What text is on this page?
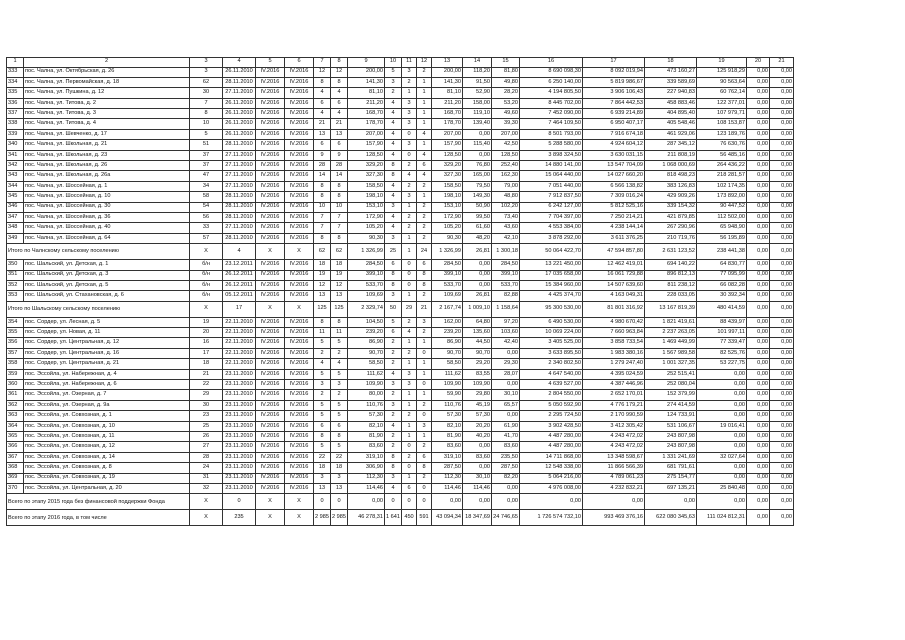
1	2	3	4	5	6	7	8	9	10	11	12	13	14	15	16	17	18	19	20	21
333	пос. Чална, ул. Октябрьская, д. 26	3	26.11.2010	IV.2016	IV.2016	12	12	200,00	5	3	2	200,00	118,20	81,80	8 690 098,30	8 092 019,94	473 160,27	125 918,29	0,00	0,00
334	пос. Чална, ул. Первомайская, д. 18	62	28.11.2010	IV.2016	IV.2016	8	8	141,30	3	2	1	141,30	91,50	49,80	6 250 140,00	5 819 986,67	339 589,69	90 563,64	0,00	0,00
335	пос. Чална, ул. Пушкина, д. 12	30	27.11.2010	IV.2016	IV.2016	4	4	81,10	2	1	1	81,10	52,90	28,20	4 194 805,50	3 906 106,43	227 940,83	60 762,14	0,00	0,00
336	пос. Чална, ул. Титова, д. 2	7	26.11.2010	IV.2016	IV.2016	6	6	211,20	4	3	1	211,20	158,00	53,20	8 445 702,00	7 864 442,53	458 883,46	122 377,01	0,00	0,00
337	пос. Чална, ул. Титова, д. 3	8	26.11.2010	IV.2016	IV.2016	4	4	168,70	4	3	1	168,70	119,10	49,60	7 452 090,00	6 939 214,89	404 895,40	107 979,71	0,00	0,00
338	пос. Чална, ул. Титова, д. 4	10	26.11.2010	IV.2016	IV.2016	21	21	178,70	4	3	1	178,70	139,40	39,30	7 464 109,50	6 950 407,17	405 548,46	108 153,87	0,00	0,00
339	пос. Чална, ул. Шевченко, д. 17	5	26.11.2010	IV.2016	IV.2016	13	13	207,00	4	0	4	207,00	0,00	207,00	8 501 793,00	7 916 674,18	461 929,06	123 189,76	0,00	0,00
340	пос. Чална, ул. Школьная, д. 21	51	28.11.2010	IV.2016	IV.2016	6	6	157,90	4	3	1	157,90	115,40	42,50	5 288 580,00	4 924 604,12	287 345,12	76 630,76	0,00	0,00
341	пос. Чална, ул. Школьная, д. 23	37	27.11.2010	IV.2016	IV.2016	9	9	128,50	4	0	4	128,50	0,00	128,50	3 898 324,50	3 630 031,15	211 808,19	56 485,16	0,00	0,00
342	пос. Чална, ул. Школьная, д. 26	37	27.11.2010	IV.2016	IV.2016	28	28	329,20	8	2	6	329,20	76,80	252,40	14 880 141,00	13 547 704,09	1 068 000,69	264 436,22	0,00	0,00
343	пос. Чална, ул. Школьная, д. 26а	47	27.11.2010	IV.2016	IV.2016	14	14	327,30	8	4	4	327,30	165,00	162,30	15 064 440,00	14 027 660,20	818 498,23	218 281,57	0,00	0,00
344	пос. Чална, ул. Шоссейная, д. 1	34	27.11.2010	IV.2016	IV.2016	8	8	158,50	4	2	2	158,50	79,50	79,00	7 051 440,00	6 566 138,82	383 126,83	102 174,35	0,00	0,00
345	пос. Чална, ул. Шоссейная, д. 10	58	28.11.2010	IV.2016	IV.2016	8	8	198,10	4	3	1	198,10	149,30	48,80	7 912 837,50	7 309 016,24	429 909,26	173 892,00	0,00	0,00
346	пос. Чална, ул. Шоссейная, д. 30	54	28.11.2010	IV.2016	IV.2016	10	10	153,10	3	1	2	153,10	50,90	102,20	6 242 127,00	5 812 525,16	339 154,32	90 447,52	0,00	0,00
347	пос. Чална, ул. Шоссейная, д. 36	56	28.11.2010	IV.2016	IV.2016	7	7	172,90	4	2	2	172,90	99,50	73,40	7 704 397,00	7 250 214,21	421 879,85	112 502,00	0,00	0,00
348	пос. Чална, ул. Шоссейная, д. 40	33	27.11.2010	IV.2016	IV.2016	7	7	105,20	4	2	2	105,20	61,60	43,60	4 553 384,00	4 238 144,14	267 290,96	65 948,90	0,00	0,00
349	пос. Чална, ул. Шоссейная, д. 64	57	28.11.2010	IV.2016	IV.2016	8	8	90,30	3	1	2	90,30	48,20	42,10	3 878 292,00	3 611 376,25	210 719,76	56 195,89	0,00	0,00
Итого по Чалнскому сельскому поселению		X	4	X	X	62	62	1 326,99	25	1	24	1 326,99	26,81	1 300,18	50 064 422,70	47 594 857,80	2 631 123,52	238 441,38	0,00	0,00
350	пос. Шальский, ул. Детская, д. 1	б/н	23.12.2011	IV.2016	IV.2016	18	18	284,50	6	0	6	284,50	0,00	284,50	13 221 450,00	12 462 419,01	694 140,22	64 830,77	0,00	0,00
351	пос. Шальский, ул. Детская, д. 3	б/н	26.12.2011	IV.2016	IV.2016	19	19	399,10	8	0	8	399,10	0,00	399,10	17 035 658,00	16 061 729,88	896 812,13	77 095,99	0,00	0,00
352	пос. Шальский, ул. Детская, д. 5	б/н	26.12.2011	IV.2016	IV.2016	12	12	533,70	8	0	8	533,70	0,00	533,70	15 384 960,00	14 507 639,60	811 238,12	66 082,28	0,00	0,00
353	пос. Шальский, ул. Стахановская, д. 6	б/н	05.12.2011	IV.2016	IV.2016	13	13	109,69	3	1	2	109,69	26,81	82,88	4 425 374,70	4 163 049,31	228 033,05	30 392,34	0,00	0,00
Итого по Шальскому сельскому поселению		X	17	X	X	125	125	2 329,74	50	29	21	2 167,74	1 009,10	1 158,64	95 300 530,00	81 801 316,92	13 167 819,39	480 414,59	0,00	0,00
354	пос. Сордер, ул. Лесная, д. 5	19	22.11.2010	IV.2016	IV.2016	8	8	104,50	5	2	3	162,00	64,80	97,20	6 490 530,00	4 980 670,42	1 821 419,61	88 439,97	0,00	0,00
355	пос. Сордер, ул. Новая, д. 11	20	22.11.2010	IV.2016	IV.2016	11	11	239,20	6	4	2	239,20	135,60	103,60	10 069 224,00	7 660 963,84	2 237 263,05	101 997,11	0,00	0,00
356	пос. Сордер, ул. Центральная, д. 12	16	22.11.2010	IV.2016	IV.2016	5	5	86,90	2	1	1	86,90	44,50	42,40	3 405 525,00	3 858 733,54	1 469 449,99	77 339,47	0,00	0,00
357	пос. Сордер, ул. Центральная, д. 16	17	22.11.2010	IV.2016	IV.2016	2	2	90,70	2	2	0	90,70	90,70	0,00	3 633 895,50	1 983 380,16	1 567 989,58	82 525,76	0,00	0,00
358	пос. Сордер, ул. Центральная, д. 21	18	22.11.2010	IV.2016	IV.2016	4	4	58,50	2	1	1	58,50	29,20	29,30	2 340 802,50	1 279 247,40	1 001 327,35	53 227,75	0,00	0,00
359	пос. Эссойла, ул. Набережная, д. 4	21	23.11.2010	IV.2016	IV.2016	5	5	111,62	4	3	1	111,62	83,55	28,07	4 647 540,00	4 395 024,59	252 515,41	0,00	0,00	0,00
360	пос. Эссойла, ул. Набережная, д. 6	22	23.11.2010	IV.2016	IV.2016	3	3	109,90	3	3	0	109,90	109,90	0,00	4 639 527,00	4 387 446,96	252 080,04	0,00	0,00	0,00
361	пос. Эссойла, ул. Озерная, д. 7	29	23.11.2010	IV.2016	IV.2016	2	2	80,00	2	1	1	59,90	29,80	30,10	2 804 550,00	2 652 170,01	152 379,99	0,00	0,00	0,00
362	пос. Эссойла, ул. Озерная, д. 9а	30	23.11.2010	IV.2016	IV.2016	5	5	110,76	3	1	2	110,76	45,19	65,57	5 050 592,90	4 776 179,21	274 414,59	0,00	0,00	0,00
363	пос. Эссойла, ул. Совхозная, д. 1	23	23.11.2010	IV.2016	IV.2016	5	5	57,30	2	2	0	57,30	57,30	0,00	2 295 724,50	2 170 990,59	124 733,91	0,00	0,00	0,00
364	пос. Эссойла, ул. Совхозная, д. 10	25	23.11.2010	IV.2016	IV.2016	6	6	82,10	4	1	3	82,10	20,20	61,90	3 902 428,50	3 412 305,42	531 106,67	19 016,41	0,00	0,00
365	пос. Эссойла, ул. Совхозная, д. 11	26	23.11.2010	IV.2016	IV.2016	8	8	81,90	2	1	1	81,90	40,20	41,70	4 487 280,00	4 243 472,02	243 807,98	0,00	0,00	0,00
366	пос. Эссойла, ул. Совхозная, д. 12	27	23.11.2010	IV.2016	IV.2016	5	5	83,60	2	0	2	83,60	0,00	83,60	4 487 280,00	4 243 472,02	243 807,98	0,00	0,00	0,00
367	пос. Эссойла, ул. Совхозная, д. 14	28	23.11.2010	IV.2016	IV.2016	22	22	319,10	8	2	6	319,10	83,60	235,50	14 711 868,00	13 348 598,67	1 331 241,69	32 027,64	0,00	0,00
368	пос. Эссойла, ул. Совхозная, д. 8	24	23.11.2010	IV.2016	IV.2016	18	18	306,90	8	0	8	287,50	0,00	287,50	12 548 338,00	11 866 566,39	681 791,61	0,00	0,00	0,00
369	пос. Эссойла, ул. Совхозная, д. 19	31	23.11.2010	IV.2016	IV.2016	3	3	112,30	3	1	2	112,30	30,10	82,20	5 064 216,00	4 789 061,23	275 154,77	0,00	0,00	0,00
370	пос. Эссойла, ул. Центральная, д. 20	32	23.11.2010	IV.2016	IV.2016	13	13	114,46	4	6	0	114,46	114,46	0,00	4 976 008,00	4 232 832,21	697 135,21	25 840,48	0,00	0,00
Всего по этапу 2015 года без финансовой поддержки Фонда		X	0	X	X	0	0	0,00	0	0	0	0,00	0,00	0,00	0,00	0,00	0,00	0,00	0,00	0,00
Всего по этапу 2016 года, в том числе		X	235	X	X	2 985	2 985	46 278,31	1 641	450	591	43 094,34	18 347,69	24 746,65	1 726 574 732,10	993 469 376,16	622 080 345,63	111 024 812,31	0,00	0,00
